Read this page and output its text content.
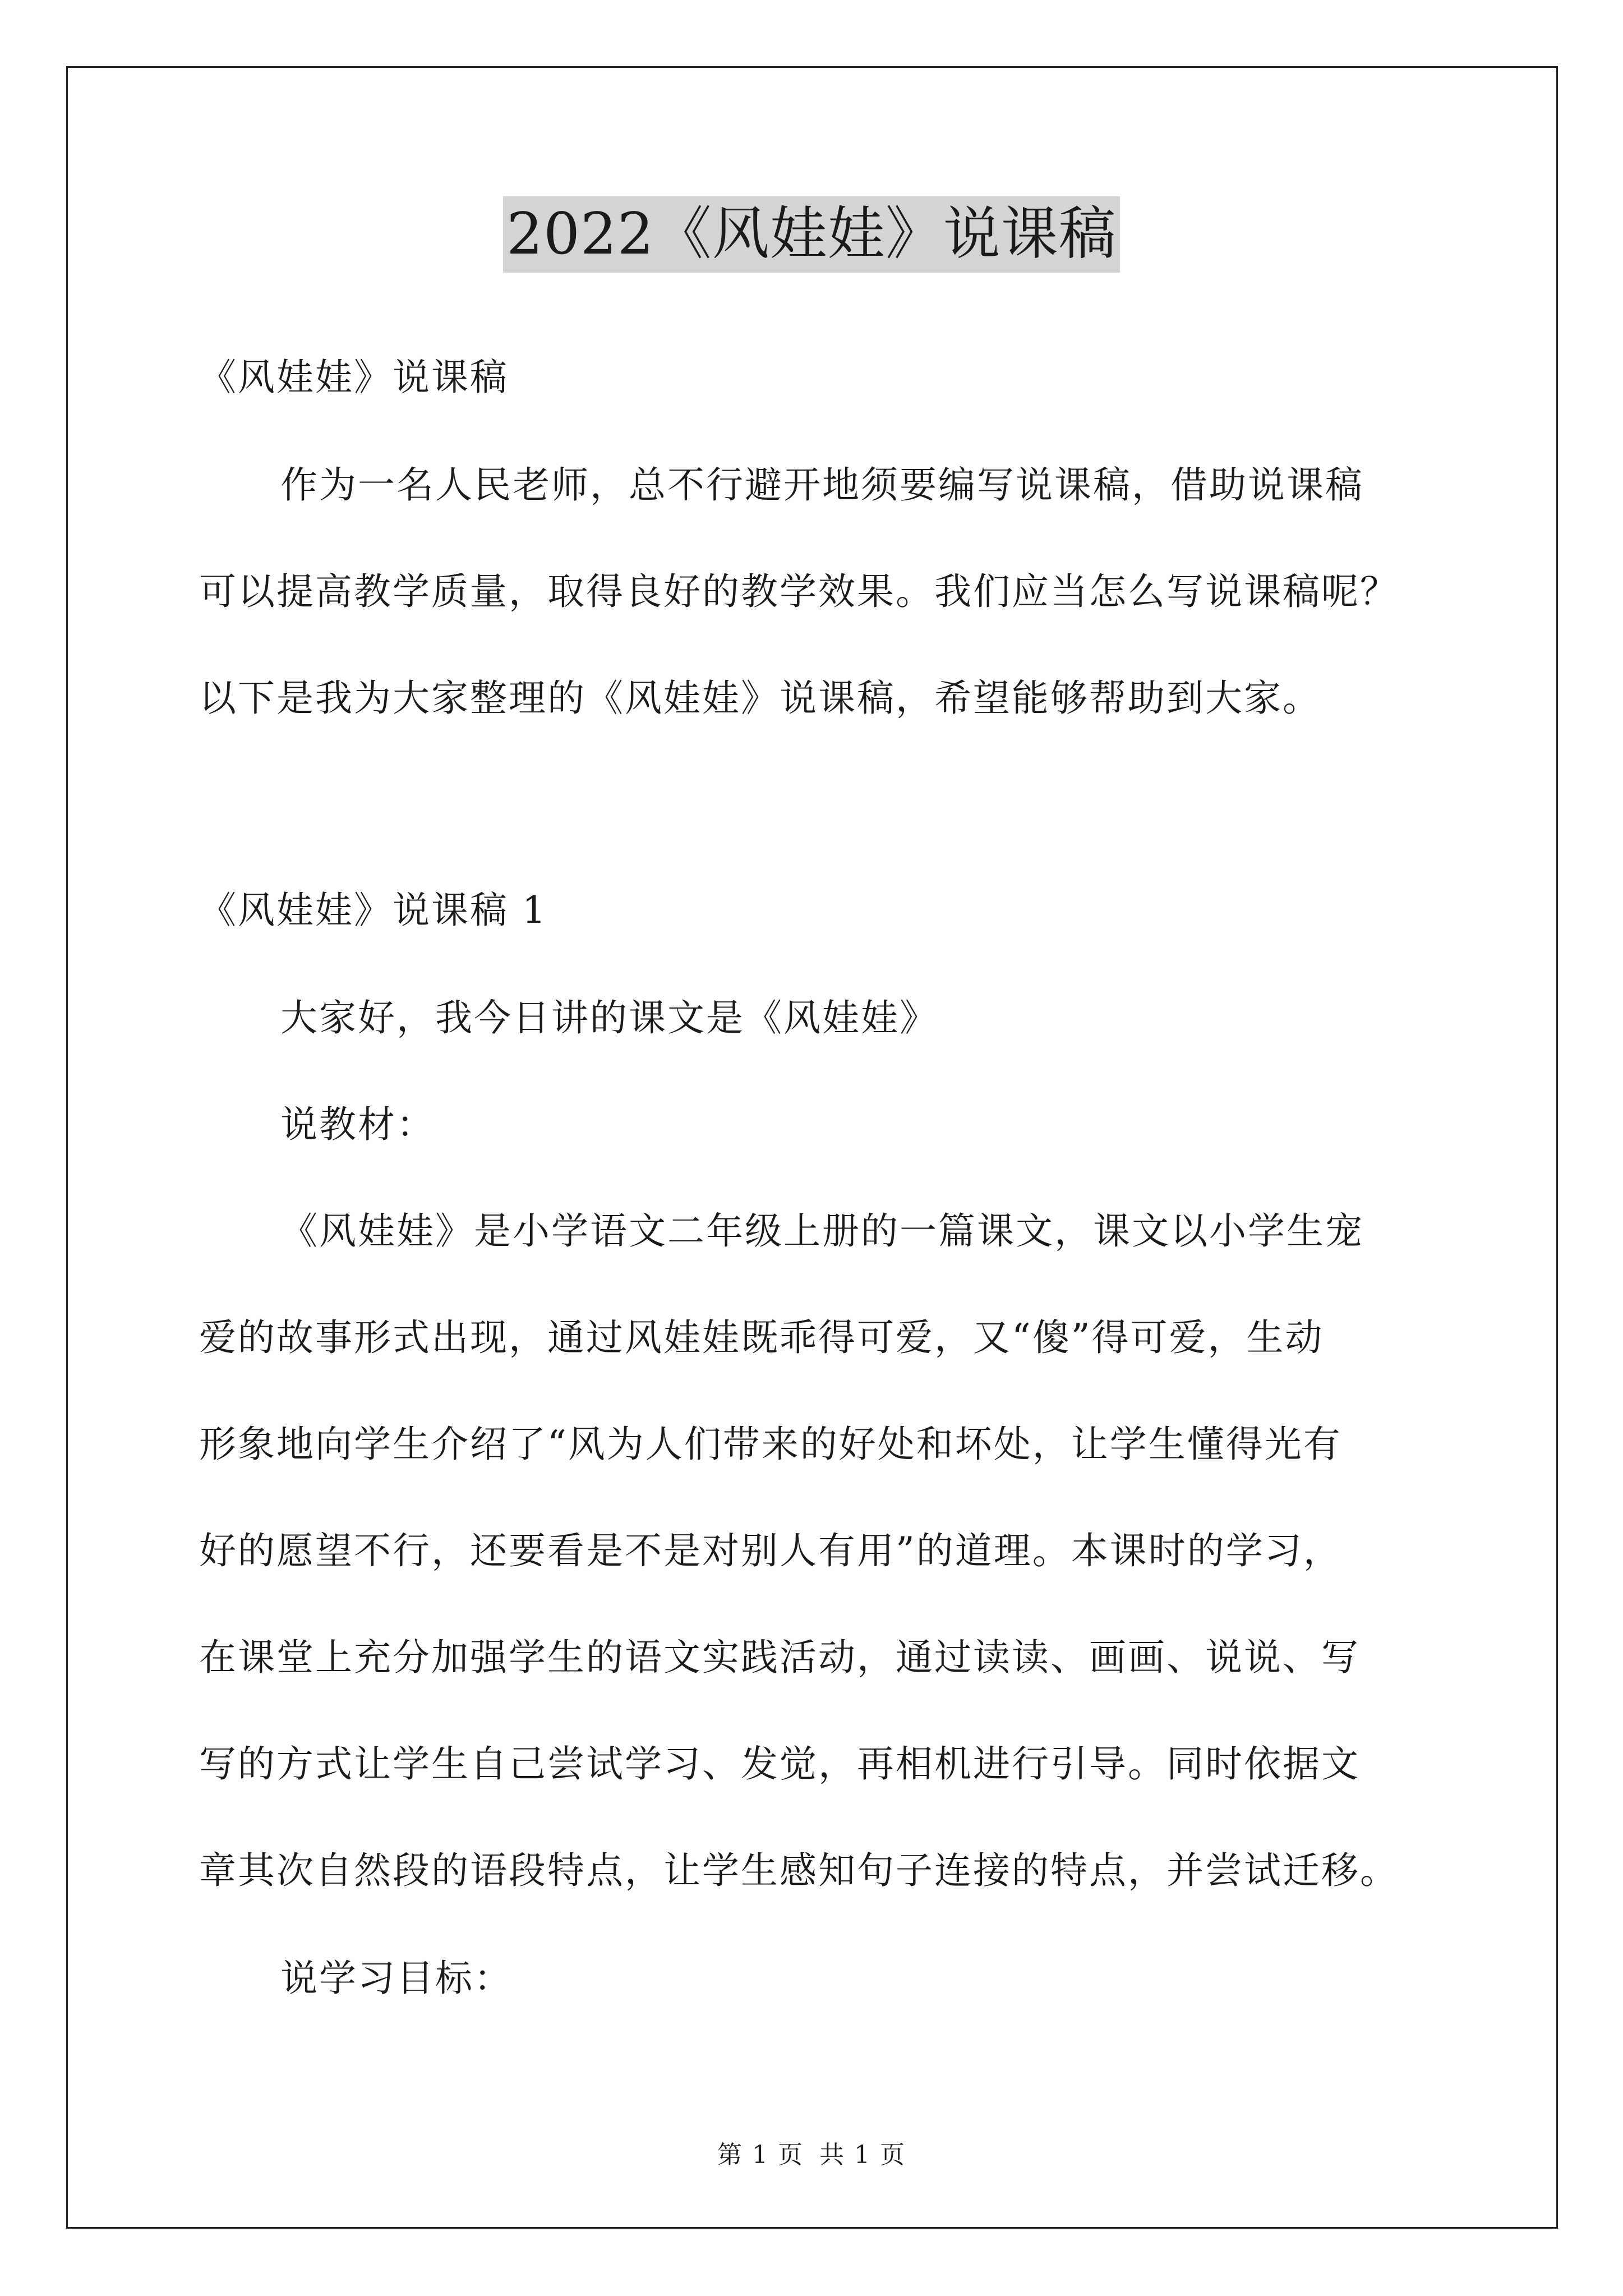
2022《风娃娃》说课稿
《风娃娃》说课稿
作为一名人民老师，总不行避开地须要编写说课稿，借助说课稿
可以提高教学质量，取得良好的教学效果。我们应当怎么写说课稿呢？
以下是我为大家整理的《风娃娃》说课稿，希望能够帮助到大家。
《风娃娃》说课稿 1
大家好，我今日讲的课文是《风娃娃》
说教材：
《风娃娃》是小学语文二年级上册的一篇课文，课文以小学生宠
爱的故事形式出现，通过风娃娃既乖得可爱，又“傻”得可爱，生动
形象地向学生介绍了“风为人们带来的好处和坏处，让学生懂得光有
好的愿望不行，还要看是不是对别人有用”的道理。本课时的学习，
在课堂上充分加强学生的语文实践活动，通过读读、画画、说说、写
写的方式让学生自己尝试学习、发觉，再相机进行引导。同时依据文
章其次自然段的语段特点，让学生感知句子连接的特点，并尝试迁移。
说学习目标：
第 1 页 共 1 页
